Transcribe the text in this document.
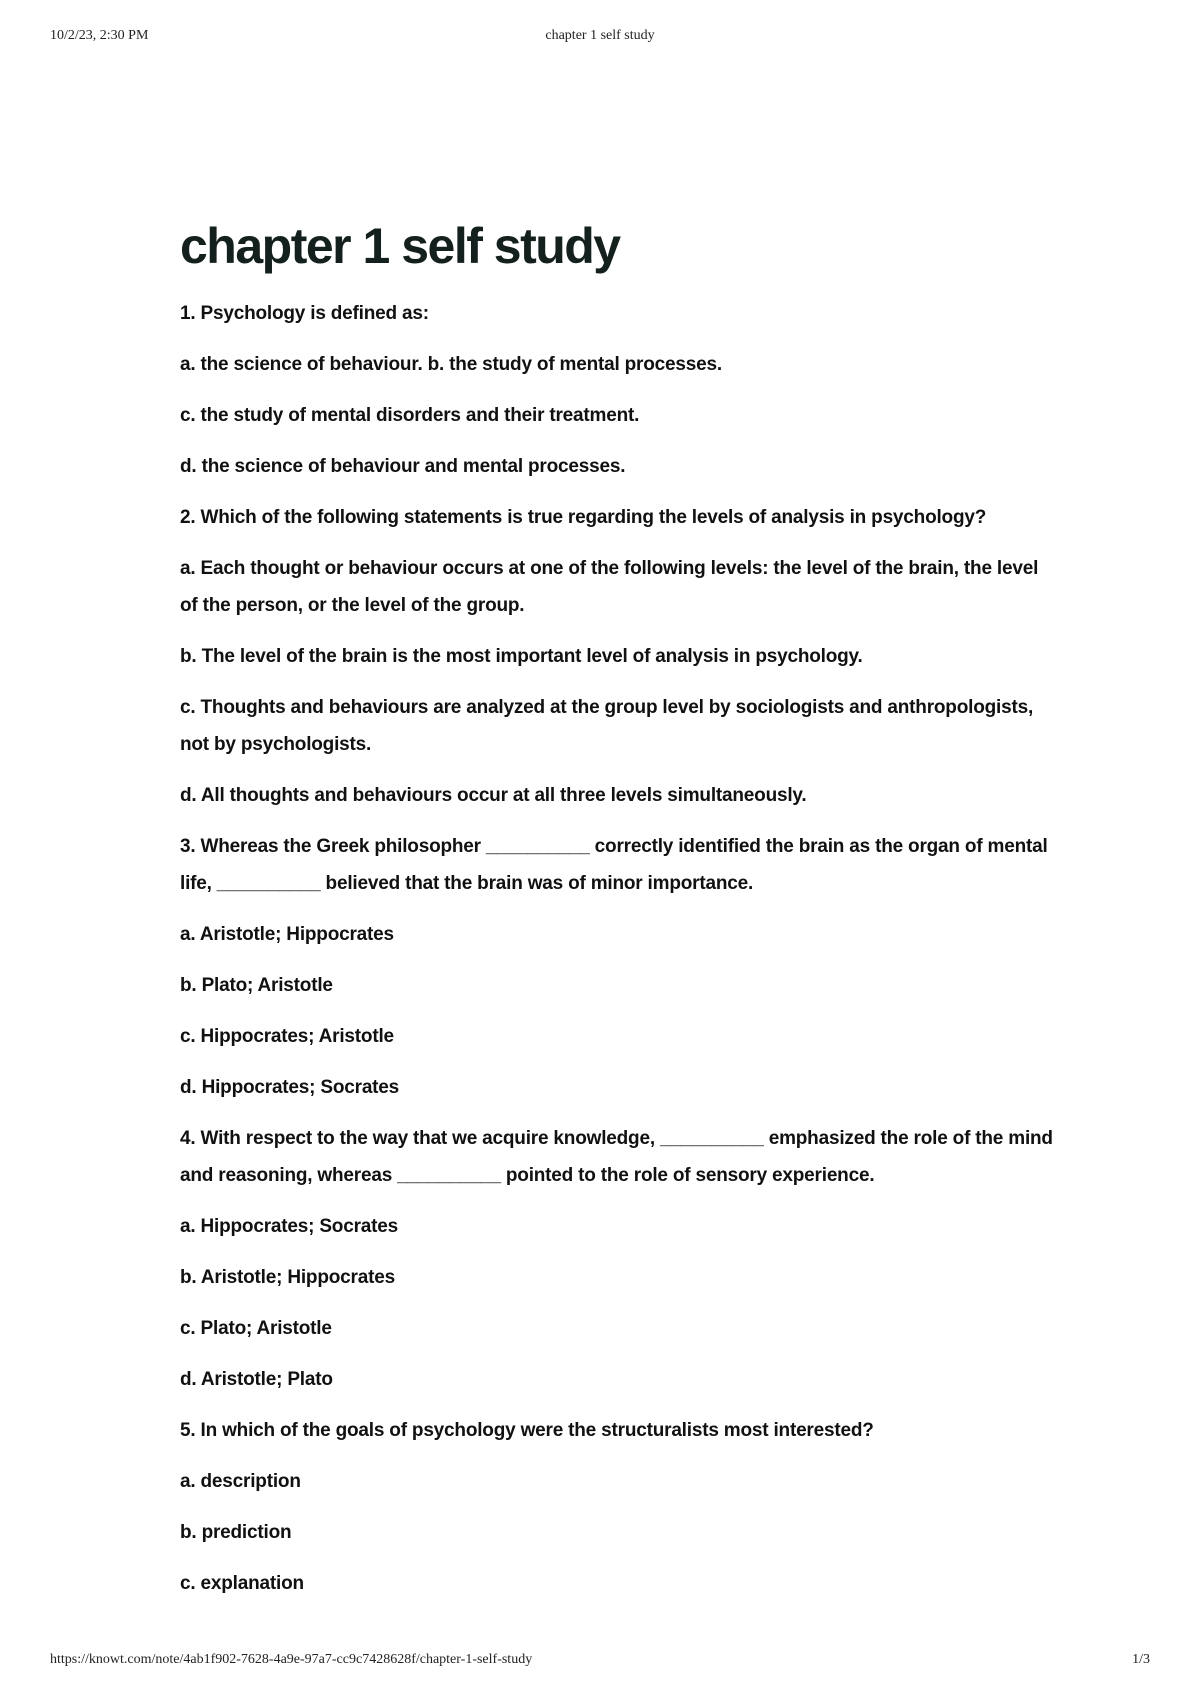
10/2/23, 2:30 PM	chapter 1 self study
chapter 1 self study
1. Psychology is defined as:
a. the science of behaviour. b. the study of mental processes.
c. the study of mental disorders and their treatment.
d. the science of behaviour and mental processes.
2. Which of the following statements is true regarding the levels of analysis in psychology?
a. Each thought or behaviour occurs at one of the following levels: the level of the brain, the level of the person, or the level of the group.
b. The level of the brain is the most important level of analysis in psychology.
c. Thoughts and behaviours are analyzed at the group level by sociologists and anthropologists, not by psychologists.
d. All thoughts and behaviours occur at all three levels simultaneously.
3. Whereas the Greek philosopher __________ correctly identified the brain as the organ of mental life, __________ believed that the brain was of minor importance.
a. Aristotle; Hippocrates
b. Plato; Aristotle
c. Hippocrates; Aristotle
d. Hippocrates; Socrates
4. With respect to the way that we acquire knowledge, __________ emphasized the role of the mind and reasoning, whereas __________ pointed to the role of sensory experience.
a. Hippocrates; Socrates
b. Aristotle; Hippocrates
c. Plato; Aristotle
d. Aristotle; Plato
5. In which of the goals of psychology were the structuralists most interested?
a. description
b. prediction
c. explanation
https://knowt.com/note/4ab1f902-7628-4a9e-97a7-cc9c7428628f/chapter-1-self-study	1/3
